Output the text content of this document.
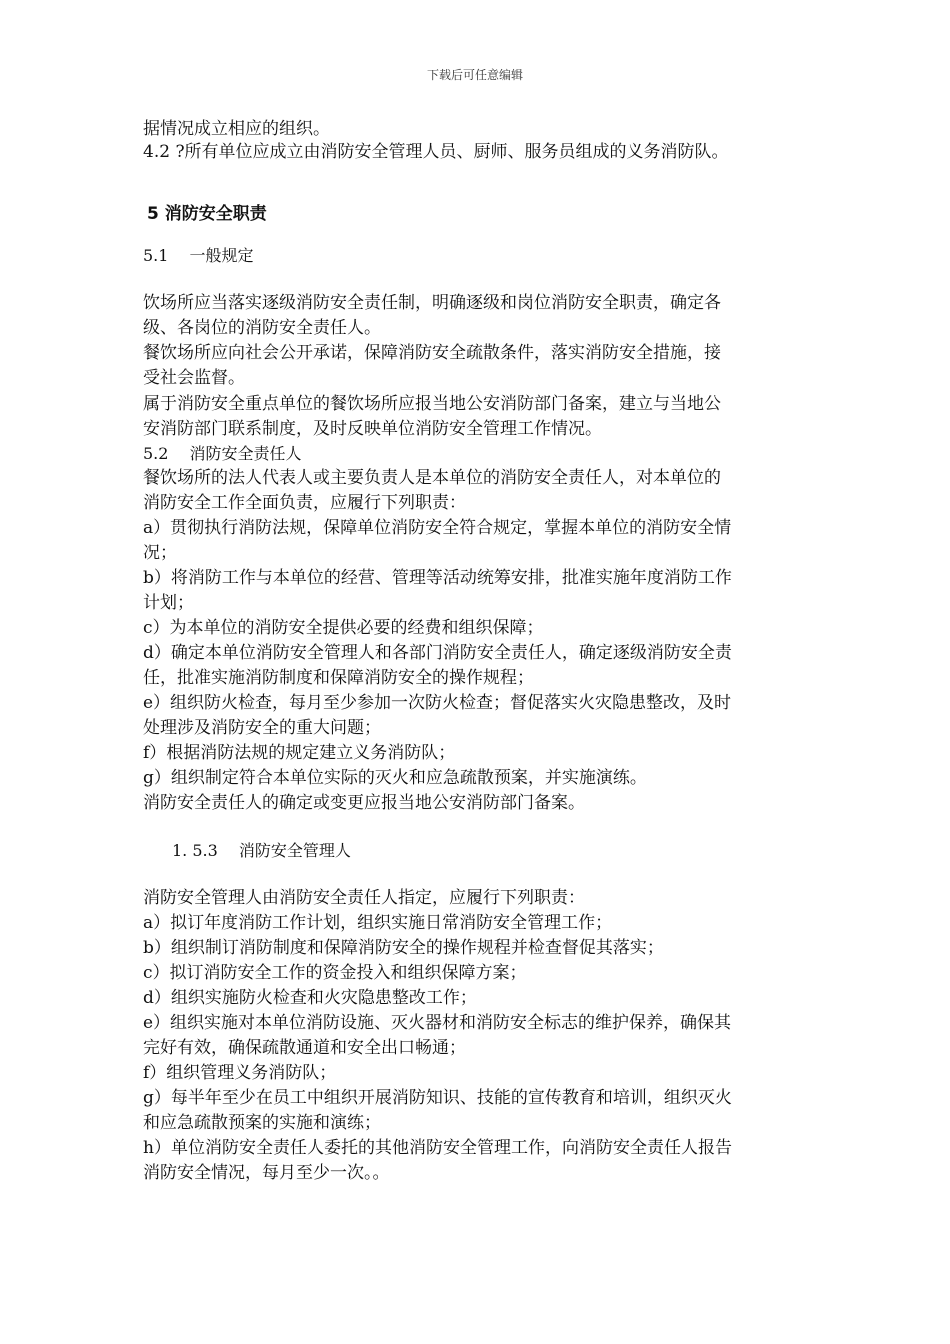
下载后可任意编辑
据情况成立相应的组织。
4.2 ?所有单位应成立由消防安全管理人员、厨师、服务员组成的义务消防队。
5 消防安全职责
5.1　 一般规定
饮场所应当落实逐级消防安全责任制，明确逐级和岗位消防安全职责，确定各
级、各岗位的消防安全责任人。
餐饮场所应向社会公开承诺，保障消防安全疏散条件，落实消防安全措施，接
受社会监督。
属于消防安全重点单位的餐饮场所应报当地公安消防部门备案，建立与当地公
安消防部门联系制度，及时反映单位消防安全管理工作情况。
5.2　 消防安全责任人
餐饮场所的法人代表人或主要负责人是本单位的消防安全责任人，对本单位的
消防安全工作全面负责，应履行下列职责：
a）贯彻执行消防法规，保障单位消防安全符合规定，掌握本单位的消防安全情
况；
b）将消防工作与本单位的经营、管理等活动统筹安排，批准实施年度消防工作
计划；
c）为本单位的消防安全提供必要的经费和组织保障；
d）确定本单位消防安全管理人和各部门消防安全责任人，确定逐级消防安全责
任，批准实施消防制度和保障消防安全的操作规程；
e）组织防火检查，每月至少参加一次防火检查；督促落实火灾隐患整改，及时
处理涉及消防安全的重大问题；
f）根据消防法规的规定建立义务消防队；
g）组织制定符合本单位实际的灭火和应急疏散预案，并实施演练。
消防安全责任人的确定或变更应报当地公安消防部门备案。
1. 5.3　 消防安全管理人
消防安全管理人由消防安全责任人指定，应履行下列职责：
a）拟订年度消防工作计划，组织实施日常消防安全管理工作；
b）组织制订消防制度和保障消防安全的操作规程并检查督促其落实；
c）拟订消防安全工作的资金投入和组织保障方案；
d）组织实施防火检查和火灾隐患整改工作；
e）组织实施对本单位消防设施、灭火器材和消防安全标志的维护保养，确保其
完好有效，确保疏散通道和安全出口畅通；
f）组织管理义务消防队；
g）每半年至少在员工中组织开展消防知识、技能的宣传教育和培训，组织灭火
和应急疏散预案的实施和演练；
h）单位消防安全责任人委托的其他消防安全管理工作，向消防安全责任人报告
消防安全情况，每月至少一次。。
